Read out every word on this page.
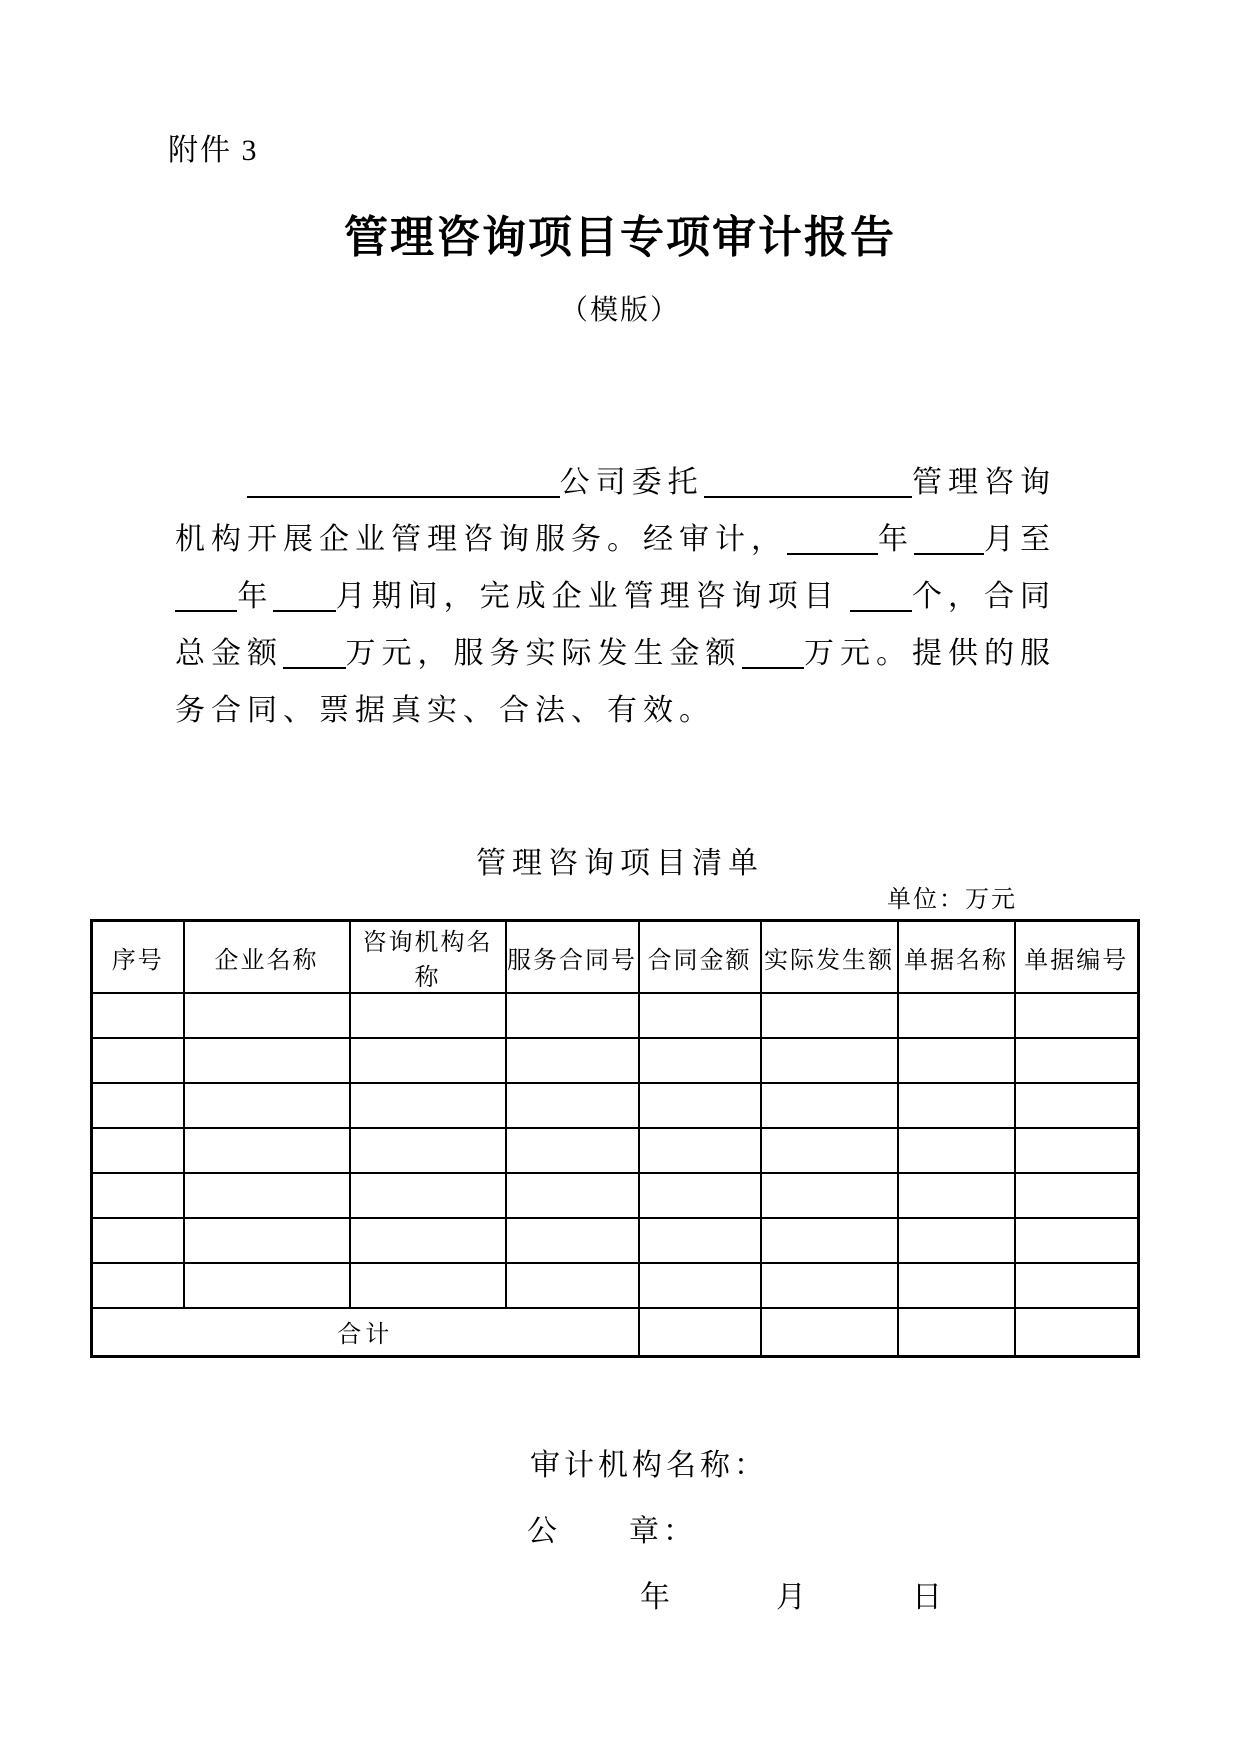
附件 3
管理咨询项目专项审计报告
（模版）
公司委托	管理咨询
机构开展企业管理咨询服务。经审计，	年 月至
年 月期间，完成企业管理咨询项目 个，合同
总金额 万元，服务实际发生金额 万元。提供的服
务合同、票据真实、合法、有效。
管理咨询项目清单
单位：万元
序号	企业名称	咨询机构名称	服务合同号	合同金额	实际发生额	单据名称	单据编号

合计							
审计机构名称：
公　　章：
年　　　月　　　日
